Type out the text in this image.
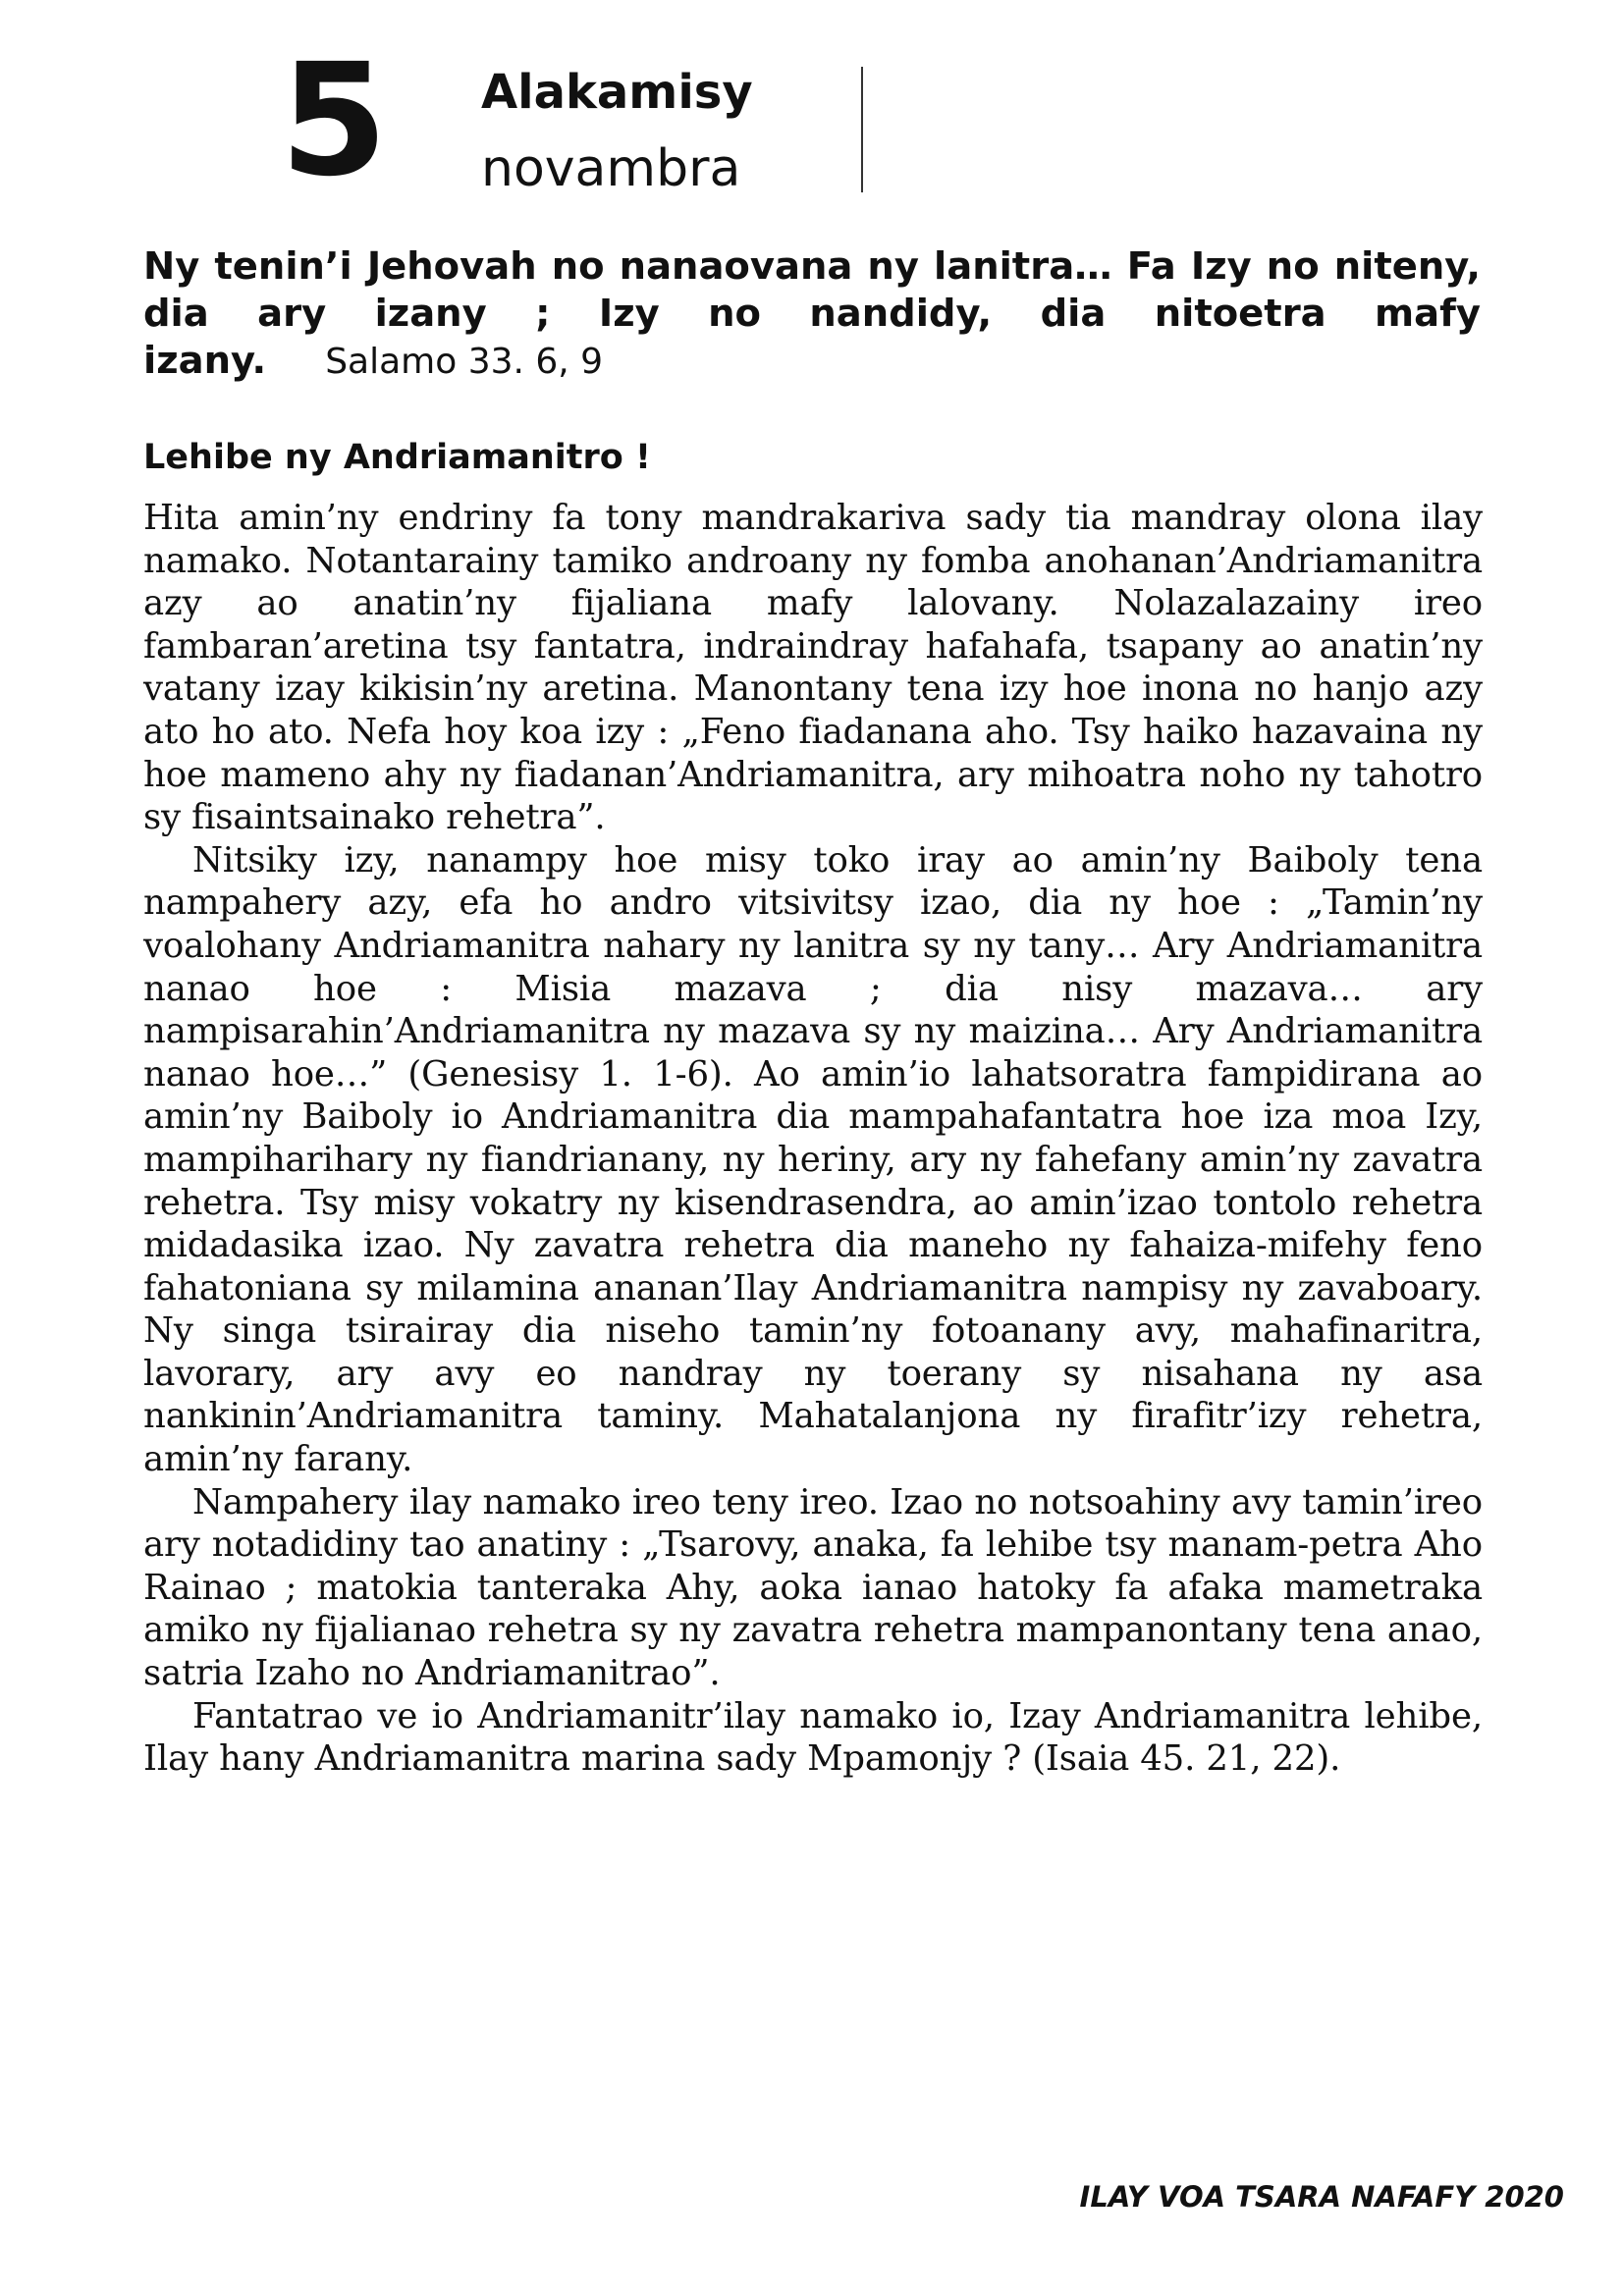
5 Alakamisy
novambra
Ny tenin’i Jehovah no nanaovana ny lanitra… Fa Izy no niteny, dia ary izany ; Izy no nandidy, dia nitoetra mafy izany. Salamo 33. 6, 9
Lehibe ny Andriamanitro !

Hita amin’ny endriny fa tony mandrakariva sady tia mandray olona ilay namako. Notantarainy tamiko androany ny fomba anohanan’Andriamanitra azy ao anatin’ny fijaliana mafy lalovany. Nolazalazainy ireo fambaran’aretina tsy fantatra, indraindray hafahafa, tsapany ao anatin’ny vatany izay kikisin’ny aretina. Manontany tena izy hoe inona no hanjo azy ato ho ato. Nefa hoy koa izy : „Feno fiadanana aho. Tsy haiko hazavaina ny hoe mameno ahy ny fiadanan’Andriamanitra, ary mihoatra noho ny tahotro sy fisaintsainako rehetra”.

Nitsiky izy, nanampy hoe misy toko iray ao amin’ny Baiboly tena nampahery azy, efa ho andro vitsivitsy izao, dia ny hoe : „Tamin’ny voalohany Andriamanitra nahary ny lanitra sy ny tany… Ary Andriamanitra nanao hoe : Misia mazava ; dia nisy mazava… ary nampisarahin’Andriamanitra ny mazava sy ny maizina… Ary Andriamanitra nanao hoe…” (Genesisy 1. 1-6). Ao amin’io lahatsoratra fampidirana ao amin’ny Baiboly io Andriamanitra dia mampahafantatra hoe iza moa Izy, mampiharihary ny fiandrianany, ny heriny, ary ny fahefany amin’ny zavatra rehetra. Tsy misy vokatry ny kisendrasendra, ao amin’izao tontolo rehetra midadasika izao. Ny zavatra rehetra dia maneho ny fahaiza-mifehy feno fahatoniana sy milamina ananan’Ilay Andriamanitra nampisy ny zavaboary. Ny singa tsirairay dia niseho tamin’ny fotoanany avy, mahafinaritra, lavorary, ary avy eo nandray ny toerany sy nisahana ny asa nankinin’Andriamanitra taminy. Mahatalanjona ny firafitr’izy rehetra, amin’ny farany.

Nampahery ilay namako ireo teny ireo. Izao no notsoahiny avy tamin’ireo ary notadidiny tao anatiny : „Tsarovy, anaka, fa lehibe tsy manam-petra Aho Rainao ; matokia tanteraka Ahy, aoka ianao hatoky fa afaka mametraka amiko ny fijalianao rehetra sy ny zavatra rehetra mampanontany tena anao, satria Izaho no Andriamanitrao”.

Fantatrao ve io Andriamanitr’ilay namako io, Izay Andriamanitra lehibe, Ilay hany Andriamanitra marina sady Mpamonjy ? (Isaia 45. 21, 22).

ILAY VOA TSARA NAFAFY 2020
